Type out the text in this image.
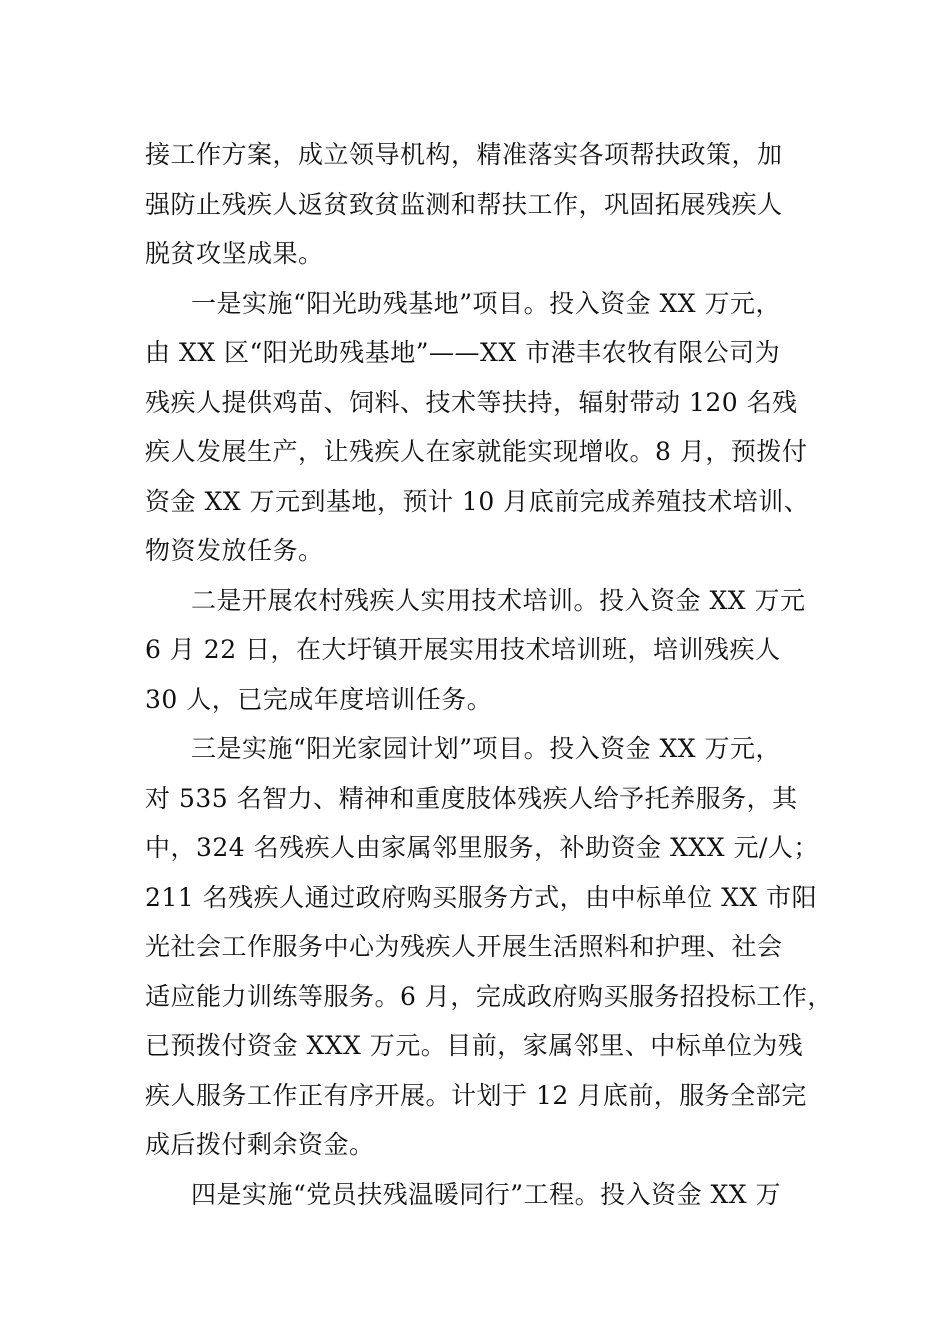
接工作方案，成立领导机构，精准落实各项帮扶政策，加
强防止残疾人返贫致贫监测和帮扶工作，巩固拓展残疾人
脱贫攻坚成果。
一是实施“阳光助残基地”项目。投入资金 XX 万元，
由 XX 区“阳光助残基地”——XX 市港丰农牧有限公司为
残疾人提供鸡苗、饲料、技术等扶持，辐射带动 120 名残
疾人发展生产，让残疾人在家就能实现增收。8 月，预拨付
资金 XX 万元到基地，预计 10 月底前完成养殖技术培训、
物资发放任务。
二是开展农村残疾人实用技术培训。投入资金 XX 万元
6 月 22 日，在大圩镇开展实用技术培训班，培训残疾人
30 人，已完成年度培训任务。
三是实施“阳光家园计划”项目。投入资金 XX 万元，
对 535 名智力、精神和重度肢体残疾人给予托养服务，其
中，324 名残疾人由家属邻里服务，补助资金 XXX 元/人；
211 名残疾人通过政府购买服务方式，由中标单位 XX 市阳
光社会工作服务中心为残疾人开展生活照料和护理、社会
适应能力训练等服务。6 月，完成政府购买服务招投标工作，
已预拨付资金 XXX 万元。目前，家属邻里、中标单位为残
疾人服务工作正有序开展。计划于 12 月底前，服务全部完
成后拨付剩余资金。
四是实施“党员扶残温暖同行”工程。投入资金 XX 万
